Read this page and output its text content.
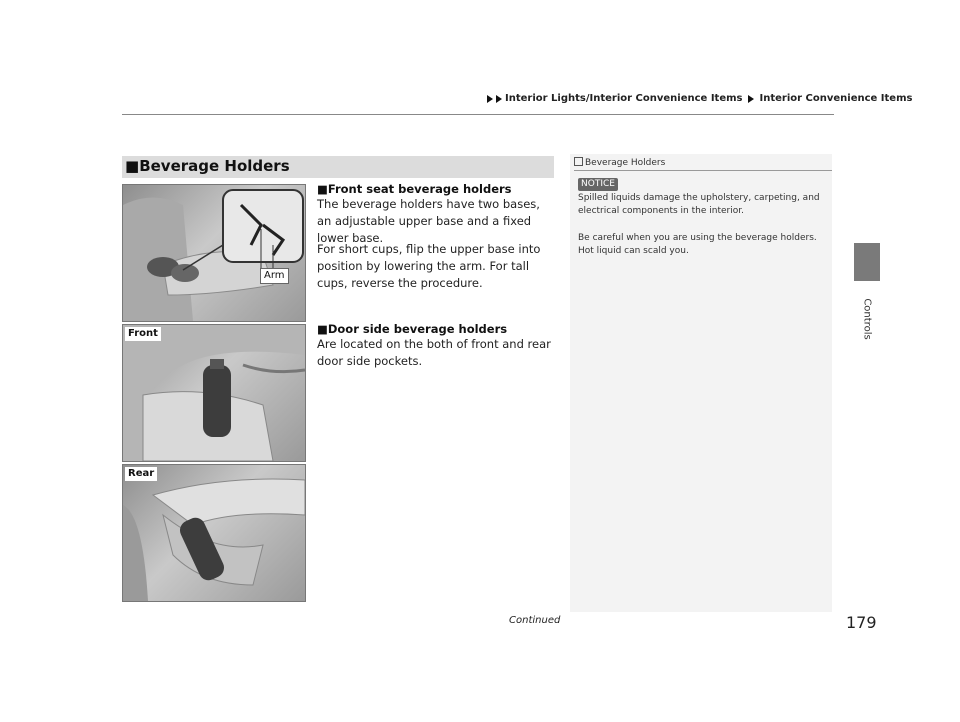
Interior Lights/Interior Convenience Items Interior Convenience Items
Controls
■Beverage Holders
Arm
Front
Rear
■Front seat beverage holders
The beverage holders have two bases, an adjustable upper base and a fixed lower base.
For short cups, flip the upper base into position by lowering the arm. For tall cups, reverse the procedure.
■Door side beverage holders
Are located on the both of front and rear door side pockets.
Beverage Holders
NOTICE
Spilled liquids damage the upholstery, carpeting, and electrical components in the interior.
Be careful when you are using the beverage holders. Hot liquid can scald you.
Continued	179
